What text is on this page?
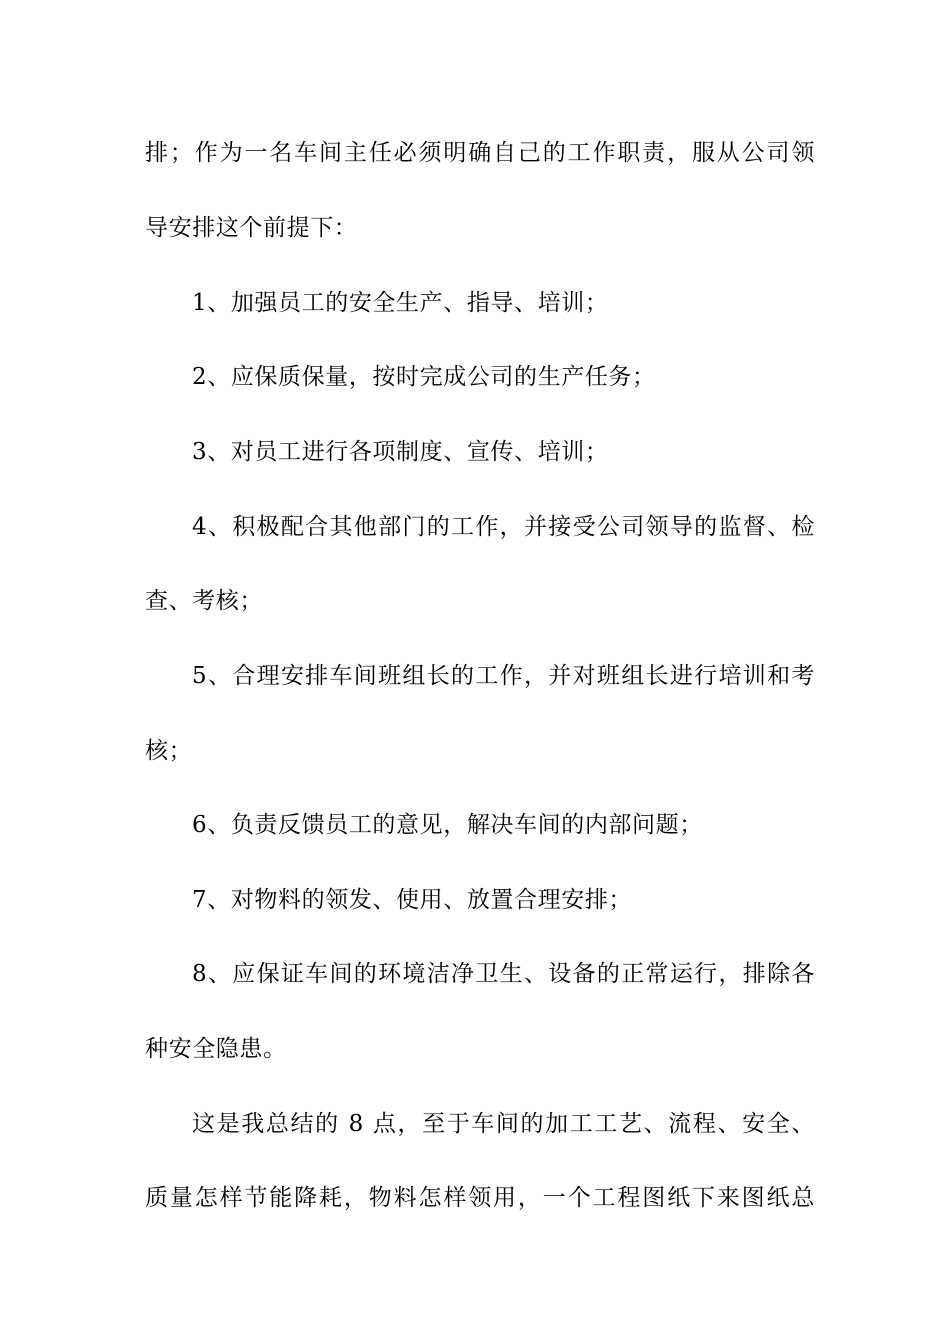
排；作为一名车间主任必须明确自己的工作职责，服从公司领
导安排这个前提下：
1、加强员工的安全生产、指导、培训；
2、应保质保量，按时完成公司的生产任务；
3、对员工进行各项制度、宣传、培训；
4、积极配合其他部门的工作，并接受公司领导的监督、检
查、考核；
5、合理安排车间班组长的工作，并对班组长进行培训和考
核；
6、负责反馈员工的意见，解决车间的内部问题；
7、对物料的领发、使用、放置合理安排；
8、应保证车间的环境洁净卫生、设备的正常运行，排除各
种安全隐患。
这是我总结的 8 点，至于车间的加工工艺、流程、安全、
质量怎样节能降耗，物料怎样领用，一个工程图纸下来图纸总
